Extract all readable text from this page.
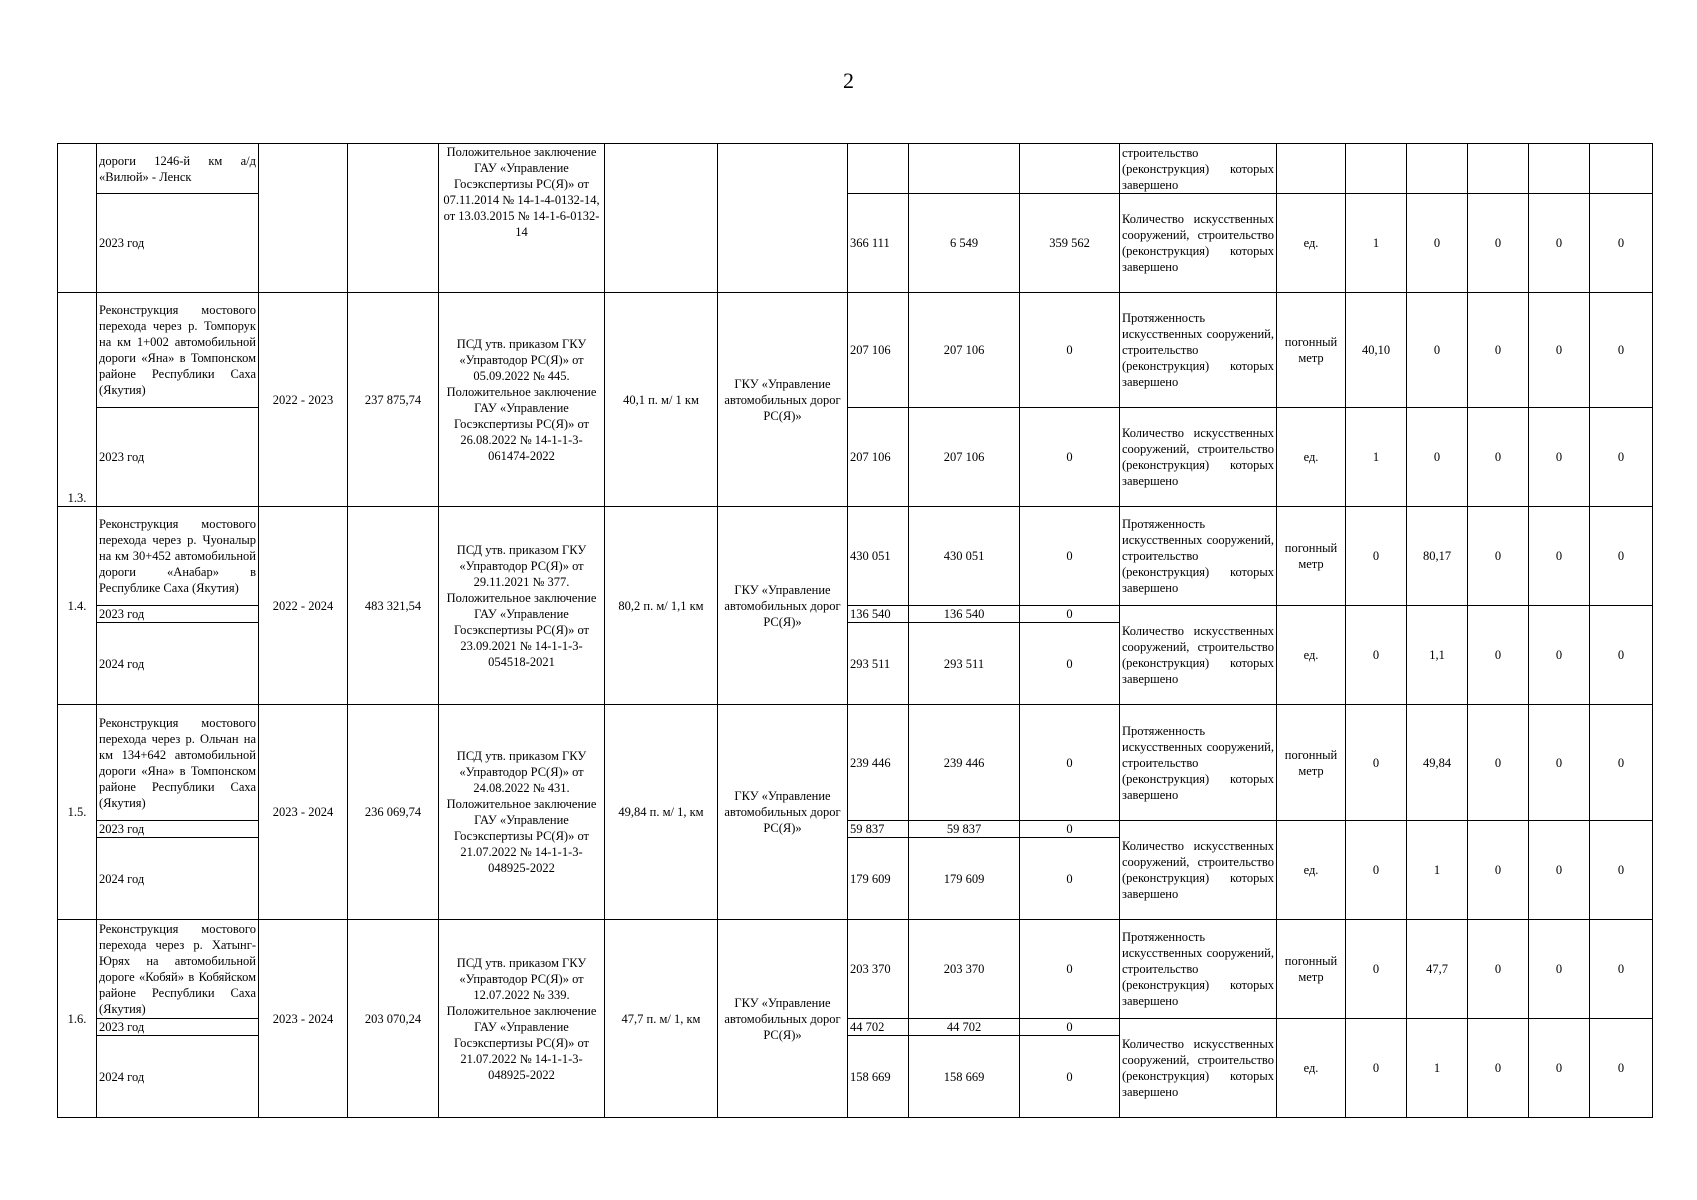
2
	дороги 1246-й км а/д «Вилюй» - Ленск			Положительное заключение ГАУ «Управление Госэкспертизы РС(Я)» от 07.11.2014 № 14-1-4-0132-14, от 13.03.2015 № 14-1-6-0132-14						строительство (реконструкция) которых завершено						
	2023 год						366 111	6 549	359 562	Количество искусственных сооружений, строительство (реконструкция) которых завершено	ед.	1	0	0	0	0
1.3.	Реконструкция мостового перехода через р. Томпорук на км 1+002 автомобильной дороги «Яна» в Томпонском районе Республики Саха (Якутия)	2022 - 2023	237 875,74	ПСД утв. приказом ГКУ «Управтодор РС(Я)» от 05.09.2022 № 445. Положительное заключение ГАУ «Управление Госэкспертизы РС(Я)» от 26.08.2022 № 14-1-1-3-061474-2022	40,1 п. м/ 1 км	ГКУ «Управление автомобильных дорог РС(Я)»	207 106	207 106	0	Протяженность искусственных сооружений, строительство (реконструкция) которых завершено	погонный метр	40,10	0	0	0	0
	2023 год						207 106	207 106	0	Количество искусственных сооружений, строительство (реконструкция) которых завершено	ед.	1	0	0	0	0
1.4.	Реконструкция мостового перехода через р. Чуоналыр на км 30+452 автомобильной дороги «Анабар» в Республике Саха (Якутия)	2022 - 2024	483 321,54	ПСД утв. приказом ГКУ «Управтодор РС(Я)» от 29.11.2021 № 377. Положительное заключение ГАУ «Управление Госэкспертизы РС(Я)» от 23.09.2021 № 14-1-1-3-054518-2021	80,2 п. м/ 1,1 км	ГКУ «Управление автомобильных дорог РС(Я)»	430 051	430 051	0	Протяженность искусственных сооружений, строительство (реконструкция) которых завершено	погонный метр	0	80,17	0	0	0
	2023 год						136 540	136 540	0	Количество искусственных сооружений, строительство (реконструкция) которых завершено	ед.	0	1,1	0	0	0
	2024 год						293 511	293 511	0							
1.5.	Реконструкция мостового перехода через р. Ольчан на км 134+642 автомобильной дороги «Яна» в Томпонском районе Республики Саха (Якутия)	2023 - 2024	236 069,74	ПСД утв. приказом ГКУ «Управтодор РС(Я)» от 24.08.2022 № 431. Положительное заключение ГАУ «Управление Госэкспертизы РС(Я)» от 21.07.2022 № 14-1-1-3-048925-2022	49,84 п. м/ 1, км	ГКУ «Управление автомобильных дорог РС(Я)»	239 446	239 446	0	Протяженность искусственных сооружений, строительство (реконструкция) которых завершено	погонный метр	0	49,84	0	0	0
	2023 год						59 837	59 837	0	Количество искусственных сооружений, строительство (реконструкция) которых завершено	ед.	0	1	0	0	0
	2024 год						179 609	179 609	0							
1.6.	Реконструкция мостового перехода через р. Хатынг-Юрях на автомобильной дороге «Кобяй» в Кобяйском районе Республики Саха (Якутия)	2023 - 2024	203 070,24	ПСД утв. приказом ГКУ «Управтодор РС(Я)» от 12.07.2022 № 339. Положительное заключение ГАУ «Управление Госэкспертизы РС(Я)» от 21.07.2022 № 14-1-1-3-048925-2022	47,7 п. м/ 1, км	ГКУ «Управление автомобильных дорог РС(Я)»	203 370	203 370	0	Протяженность искусственных сооружений, строительство (реконструкция) которых завершено	погонный метр	0	47,7	0	0	0
	2023 год						44 702	44 702	0	Количество искусственных сооружений, строительство (реконструкция) которых завершено	ед.	0	1	0	0	0
	2024 год						158 669	158 669	0							
